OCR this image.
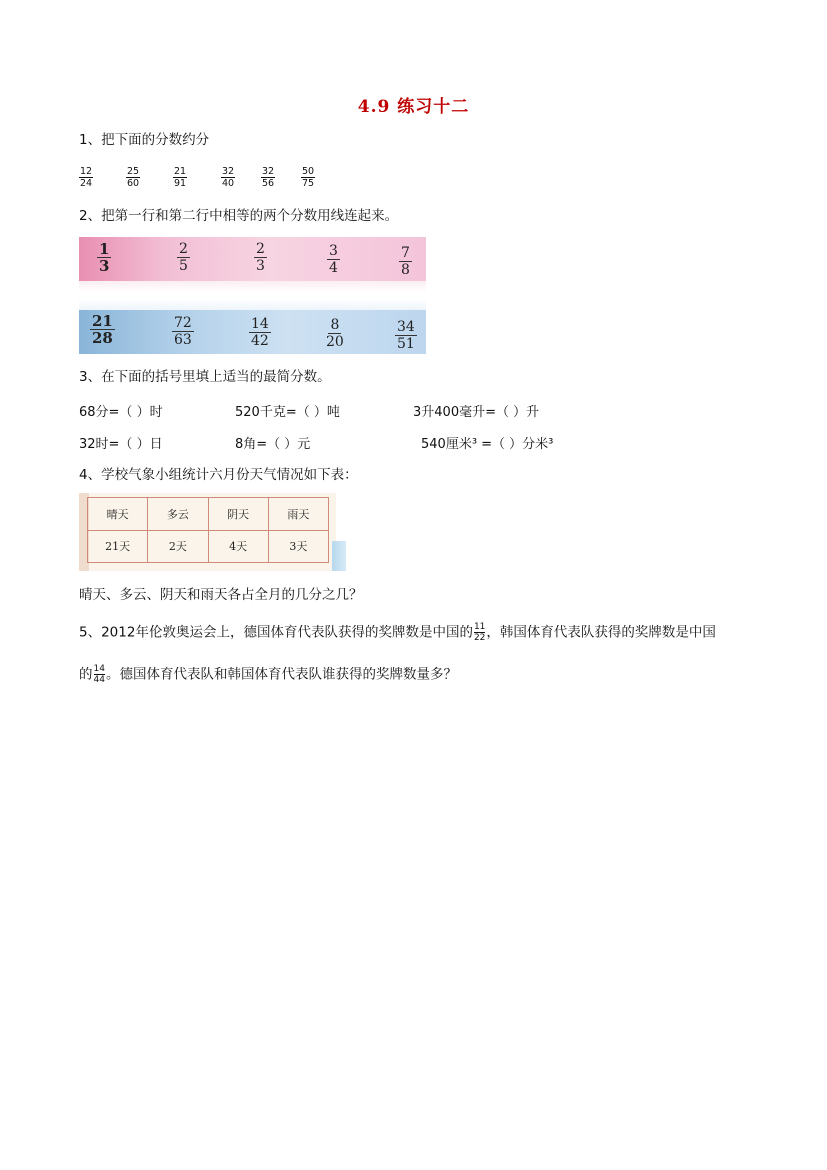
4.9 练习十二
1、把下面的分数约分
$\frac{12}{24}$	$\frac{25}{60}$	$\frac{21}{91}$	$\frac{32}{40}$	$\frac{32}{56}$	$\frac{50}{75}$
2、把第一行和第二行中相等的两个分数用线连起来。
$\frac{1}{3}$	$\frac{2}{5}$	$\frac{2}{3}$	$\frac{3}{4}$	$\frac{7}{8}$
$\frac{21}{28}$	$\frac{72}{63}$	$\frac{14}{42}$	$\frac{8}{20}$	$\frac{34}{51}$
3、在下面的括号里填上适当的最简分数。
68分=（ ）时	520千克=（ ）吨	3升400毫升=（ ）升
32时=（ ）日	8角=（ ）元	540厘米³ =（ ）分米³
4、学校气象小组统计六月份天气情况如下表：
晴天	多云	阴天	雨天
21天	2天	4天	3天
晴天、多云、阴天和雨天各占全月的几分之几？
5、2012年伦敦奥运会上，德国体育代表队获得的奖牌数是中国的 $\frac{11}{22}$ ，韩国体育代表队获得的奖牌数是中国
的 $\frac{14}{44}$ 。德国体育代表队和韩国体育代表队谁获得的奖牌数量多？
